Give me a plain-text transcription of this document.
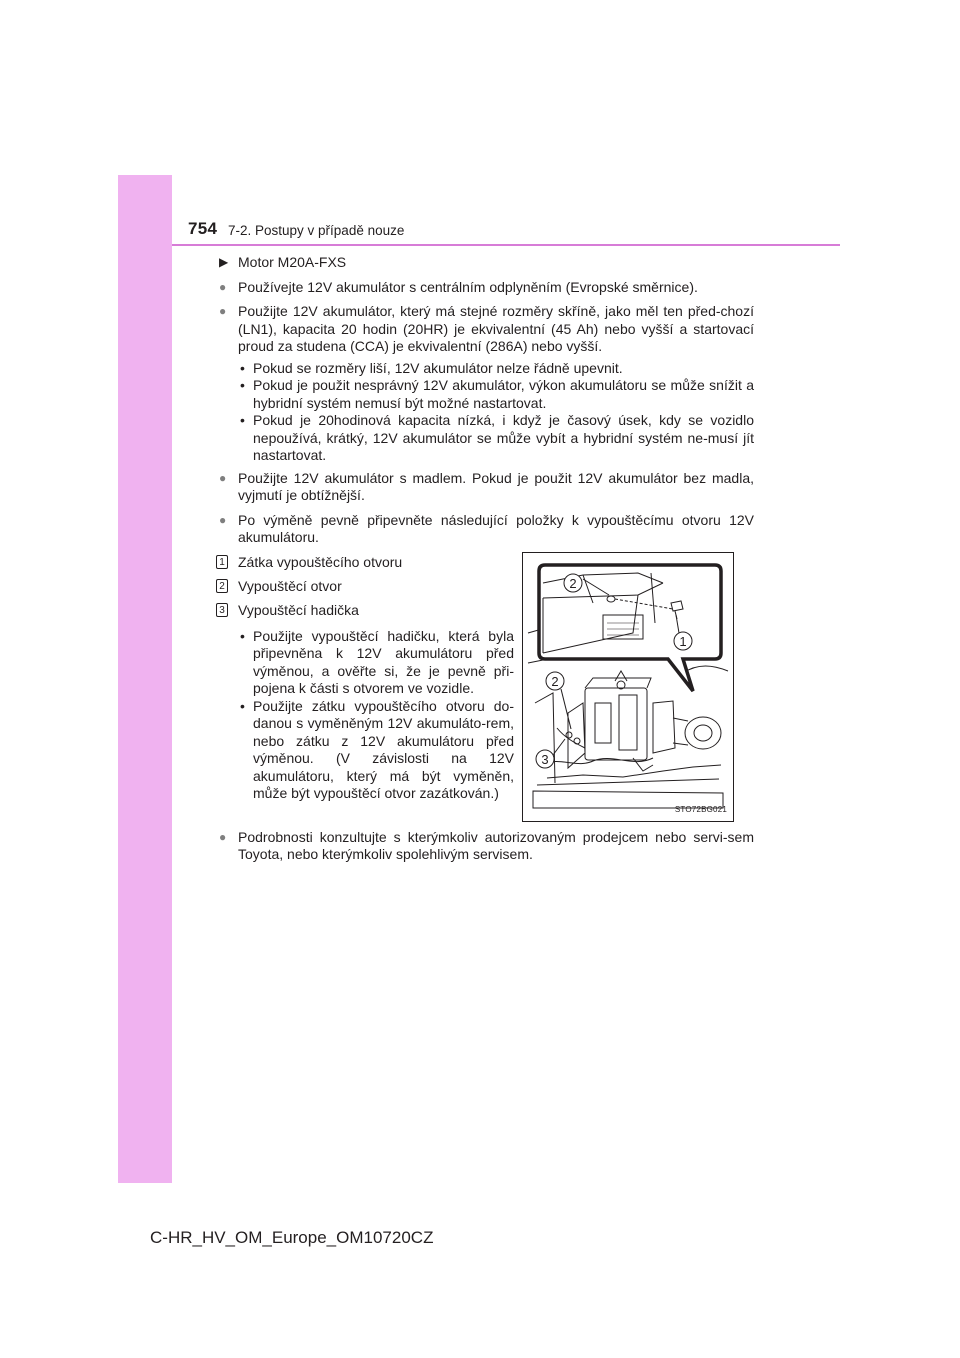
754 7-2. Postupy v případě nouze
▶ Motor M20A-FXS
● Používejte 12V akumulátor s centrálním odplyněním (Evropské směrnice).
● Použijte 12V akumulátor, který má stejné rozměry skříně, jako měl ten před-chozí (LN1), kapacita 20 hodin (20HR) je ekvivalentní (45 Ah) nebo vyšší a startovací proud za studena (CCA) je ekvivalentní (286A) nebo vyšší.
• Pokud se rozměry liší, 12V akumulátor nelze řádně upevnit.
• Pokud je použit nesprávný 12V akumulátor, výkon akumulátoru se může snížit a hybridní systém nemusí být možné nastartovat.
• Pokud je 20hodinová kapacita nízká, i když je časový úsek, kdy se vozidlo nepoužívá, krátký, 12V akumulátor se může vybít a hybridní systém ne-musí jít nastartovat.
● Použijte 12V akumulátor s madlem. Pokud je použit 12V akumulátor bez madla, vyjmutí je obtížnější.
● Po výměně pevně připevněte následující položky k vypouštěcímu otvoru 12V akumulátoru.
1 Zátka vypouštěcího otvoru
2 Vypouštěcí otvor
3 Vypouštěcí hadička
• Použijte vypouštěcí hadičku, která byla připevněna k 12V akumulátoru před výměnou, a ověřte si, že je pevně při-pojena k části s otvorem ve vozidle.
• Použijte zátku vypouštěcího otvoru do-danou s vyměněným 12V akumuláto-rem, nebo zátku z 12V akumulátoru před výměnou. (V závislosti na 12V akumulátoru, který má být vyměněn, může být vypouštěcí otvor zazátkován.)
2
1
2
3
STO72BG021
● Podrobnosti konzultujte s kterýmkoliv autorizovaným prodejcem nebo servi-sem Toyota, nebo kterýmkoliv spolehlivým servisem.
C-HR_HV_OM_Europe_OM10720CZ
